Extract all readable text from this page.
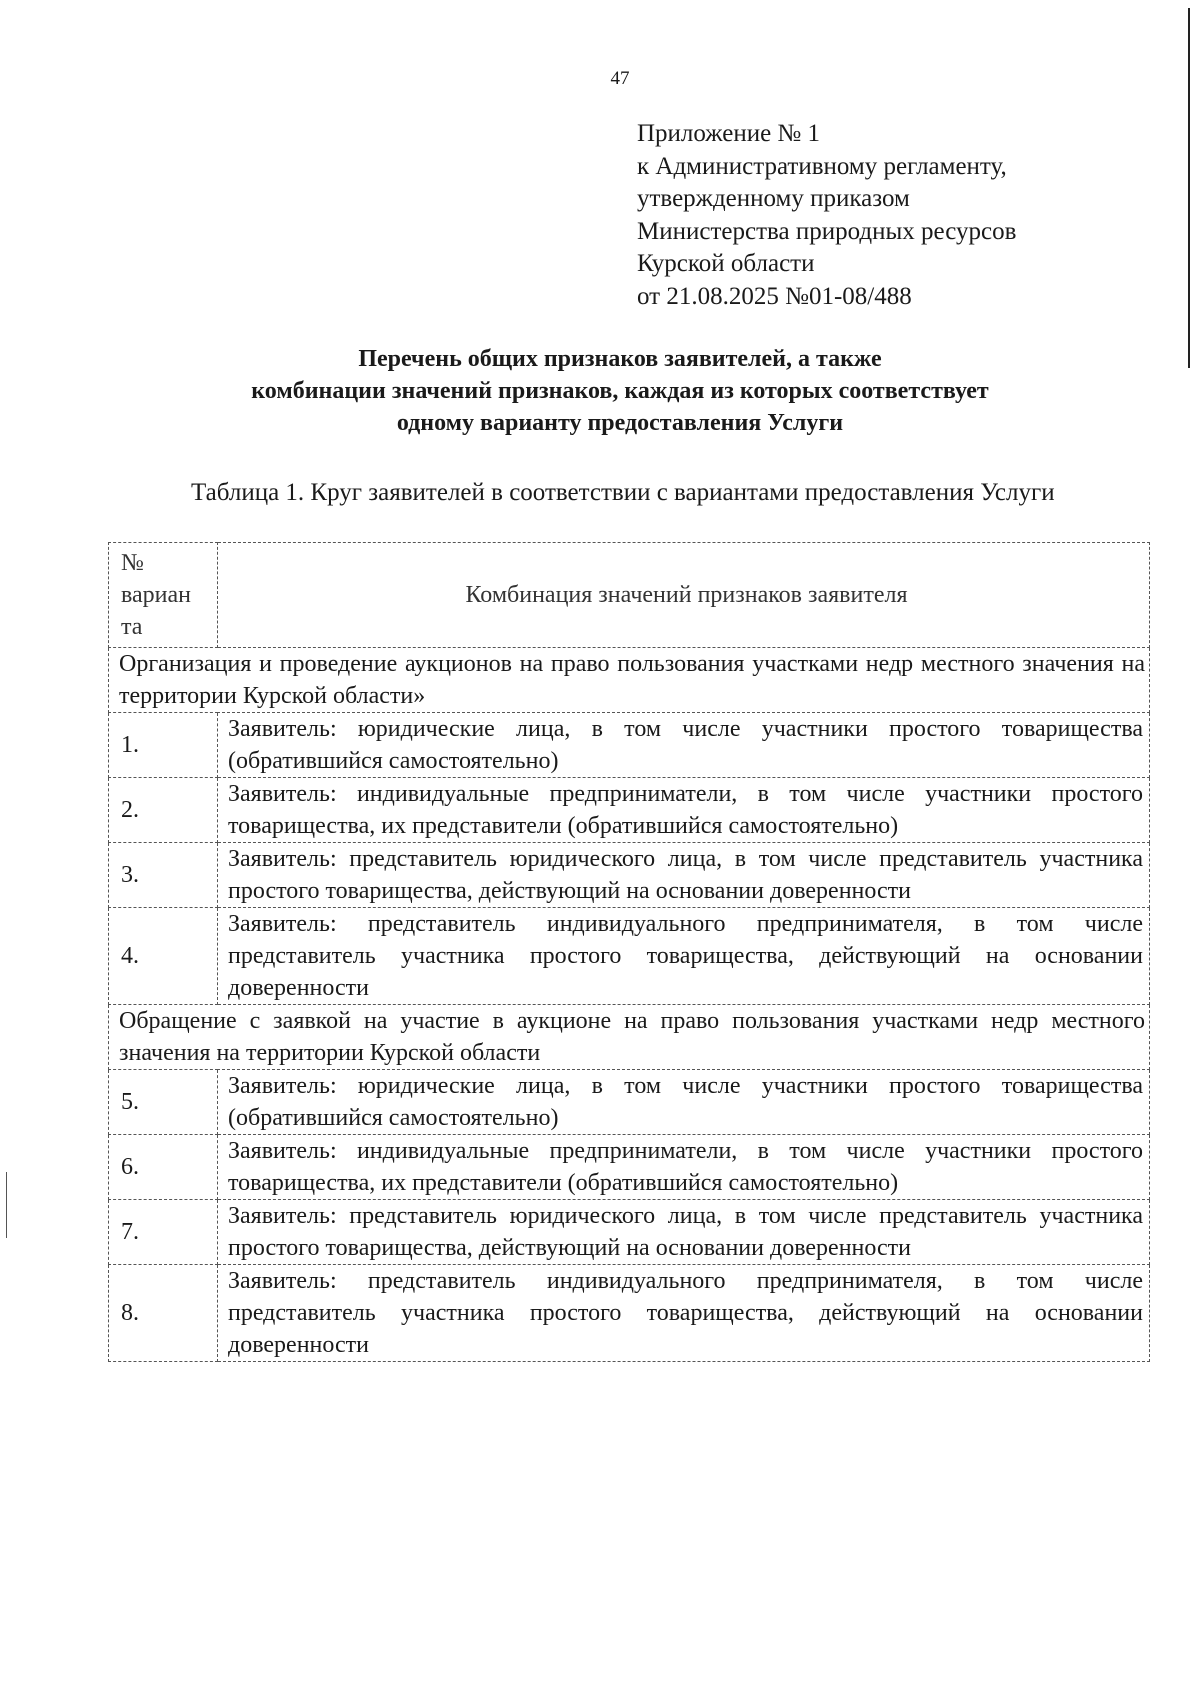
47
Приложение № 1
к Административному регламенту,
утвержденному приказом
Министерства природных ресурсов
Курской области
от 21.08.2025 №01-08/488
Перечень общих признаков заявителей, а также
комбинации значений признаков, каждая из которых соответствует
одному варианту предоставления Услуги
Таблица 1. Круг заявителей в соответствии с вариантами предоставления Услуги
№
вариан
та	Комбинация значений признаков заявителя
Организация и проведение аукционов на право пользования участками недр местного значения на территории Курской области»	
1.	Заявитель: юридические лица, в том числе участники простого товарищества (обратившийся самостоятельно)
2.	Заявитель: индивидуальные предприниматели, в том числе участники простого товарищества, их представители (обратившийся самостоятельно)
3.	Заявитель: представитель юридического лица, в том числе представитель участника простого товарищества, действующий на основании доверенности
4.	Заявитель: представитель индивидуального предпринимателя, в том числе представитель участника простого товарищества, действующий на основании доверенности
Обращение с заявкой на участие в аукционе на право пользования участками недр местного значения на территории Курской области	
5.	Заявитель: юридические лица, в том числе участники простого товарищества (обратившийся самостоятельно)
6.	Заявитель: индивидуальные предприниматели, в том числе участники простого товарищества, их представители (обратившийся самостоятельно)
7.	Заявитель: представитель юридического лица, в том числе представитель участника простого товарищества, действующий на основании доверенности
8.	Заявитель: представитель индивидуального предпринимателя, в том числе представитель участника простого товарищества, действующий на основании доверенности
